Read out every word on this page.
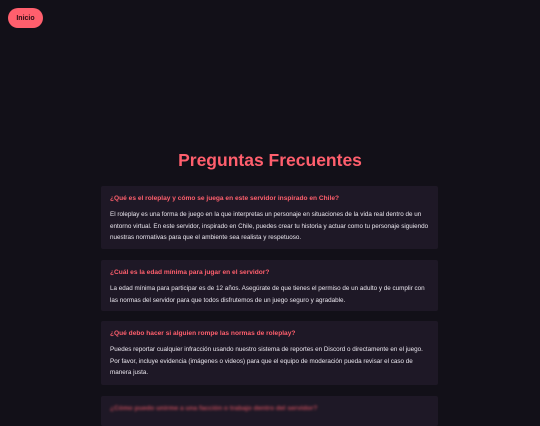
Inicio
Preguntas Frecuentes

¿Qué es el roleplay y cómo se juega en este servidor inspirado en Chile?

El roleplay es una forma de juego en la que interpretas un personaje en situaciones de la vida real dentro de un entorno virtual. En este servidor, inspirado en Chile, puedes crear tu historia y actuar como tu personaje siguiendo nuestras normativas para que el ambiente sea realista y respetuoso.

¿Cuál es la edad mínima para jugar en el servidor?

La edad mínima para participar es de 12 años. Asegúrate de que tienes el permiso de un adulto y de cumplir con las normas del servidor para que todos disfrutemos de un juego seguro y agradable.

¿Qué debo hacer si alguien rompe las normas de roleplay?

Puedes reportar cualquier infracción usando nuestro sistema de reportes en Discord o directamente en el juego. Por favor, incluye evidencia (imágenes o videos) para que el equipo de moderación pueda revisar el caso de manera justa.

¿Cómo puedo unirme a una facción o trabajo dentro del servidor?
